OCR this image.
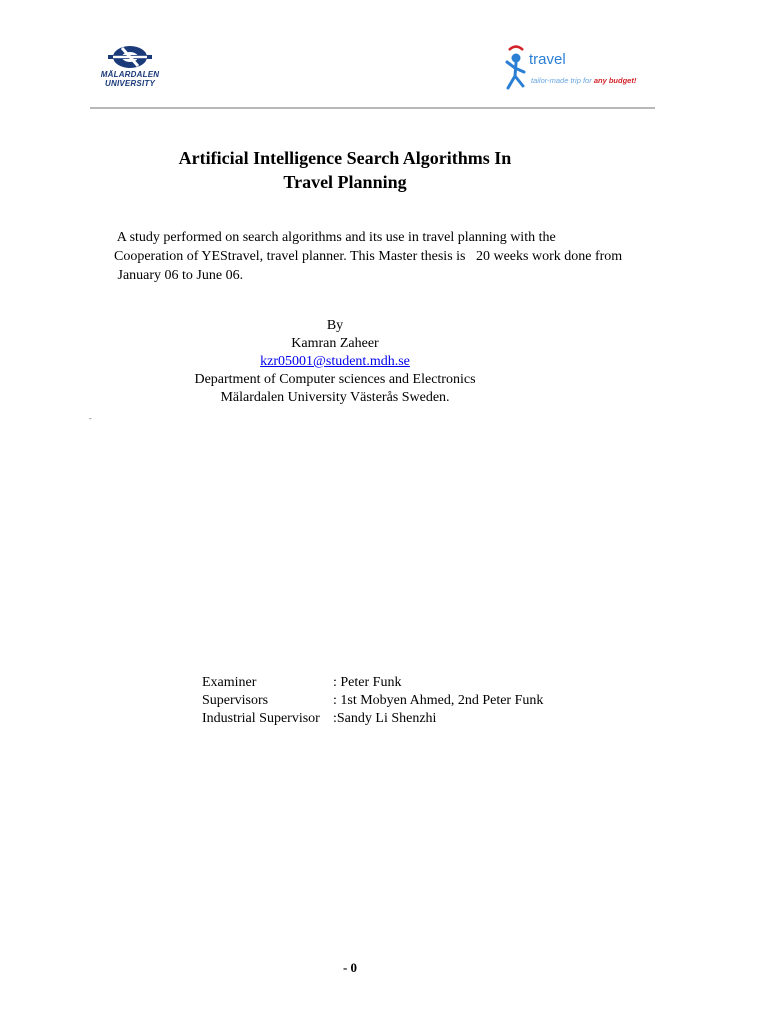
MÄLARDALEN UNIVERSITY
travel
tailor-made trip for any budget!
Artificial Intelligence Search Algorithms In
Travel Planning

A study performed on search algorithms and its use in travel planning with the

Cooperation of YEStravel, travel planner. This Master thesis is   20 weeks work done from

January 06 to June 06.

By
Kamran Zaheer
kzr05001@student.mdh.se
Department of Computer sciences and Electronics
Mälardalen University Västerås Sweden.
-
Examiner	: Peter Funk
Supervisors	: 1st Mobyen Ahmed, 2nd Peter Funk
Industrial Supervisor :Sandy Li Shenzhi
- 0
